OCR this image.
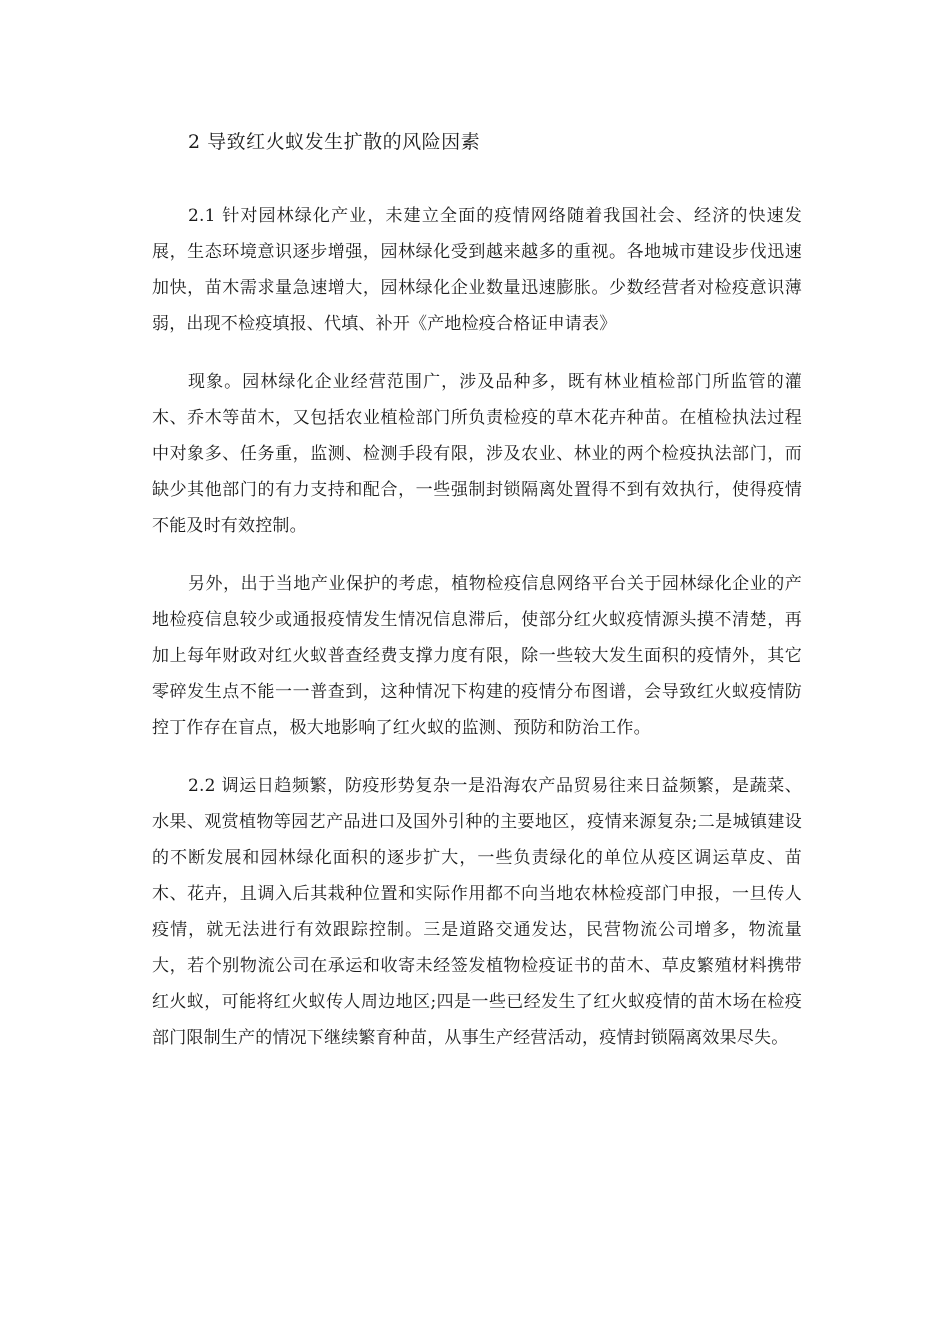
2 导致红火蚁发生扩散的风险因素

2.1 针对园林绿化产业，未建立全面的疫情网络随着我国社会、经济的快速发展，生态环境意识逐步增强，园林绿化受到越来越多的重视。各地城市建设步伐迅速加快，苗木需求量急速增大，园林绿化企业数量迅速膨胀。少数经营者对检疫意识薄弱，出现不检疫填报、代填、补开《产地检疫合格证申请表》

现象。园林绿化企业经营范围广，涉及品种多，既有林业植检部门所监管的灌木、乔木等苗木，又包括农业植检部门所负责检疫的草木花卉种苗。在植检执法过程中对象多、任务重，监测、检测手段有限，涉及农业、林业的两个检疫执法部门，而缺少其他部门的有力支持和配合，一些强制封锁隔离处置得不到有效执行，使得疫情不能及时有效控制。

另外，出于当地产业保护的考虑，植物检疫信息网络平台关于园林绿化企业的产地检疫信息较少或通报疫情发生情况信息滞后，使部分红火蚁疫情源头摸不清楚，再加上每年财政对红火蚁普查经费支撑力度有限，除一些较大发生面积的疫情外，其它零碎发生点不能一一普查到，这种情况下构建的疫情分布图谱，会导致红火蚁疫情防控丁作存在盲点，极大地影响了红火蚁的监测、预防和防治工作。

2.2 调运日趋频繁，防疫形势复杂一是沿海农产品贸易往来日益频繁，是蔬菜、水果、观赏植物等园艺产品进口及国外引种的主要地区，疫情来源复杂;二是城镇建设的不断发展和园林绿化面积的逐步扩大，一些负责绿化的单位从疫区调运草皮、苗木、花卉，且调入后其栽种位置和实际作用都不向当地农林检疫部门申报，一旦传人疫情，就无法进行有效跟踪控制。三是道路交通发达，民营物流公司增多，物流量大，若个别物流公司在承运和收寄未经签发植物检疫证书的苗木、草皮繁殖材料携带红火蚁，可能将红火蚁传人周边地区;四是一些已经发生了红火蚁疫情的苗木场在检疫部门限制生产的情况下继续繁育种苗，从事生产经营活动，疫情封锁隔离效果尽失。
